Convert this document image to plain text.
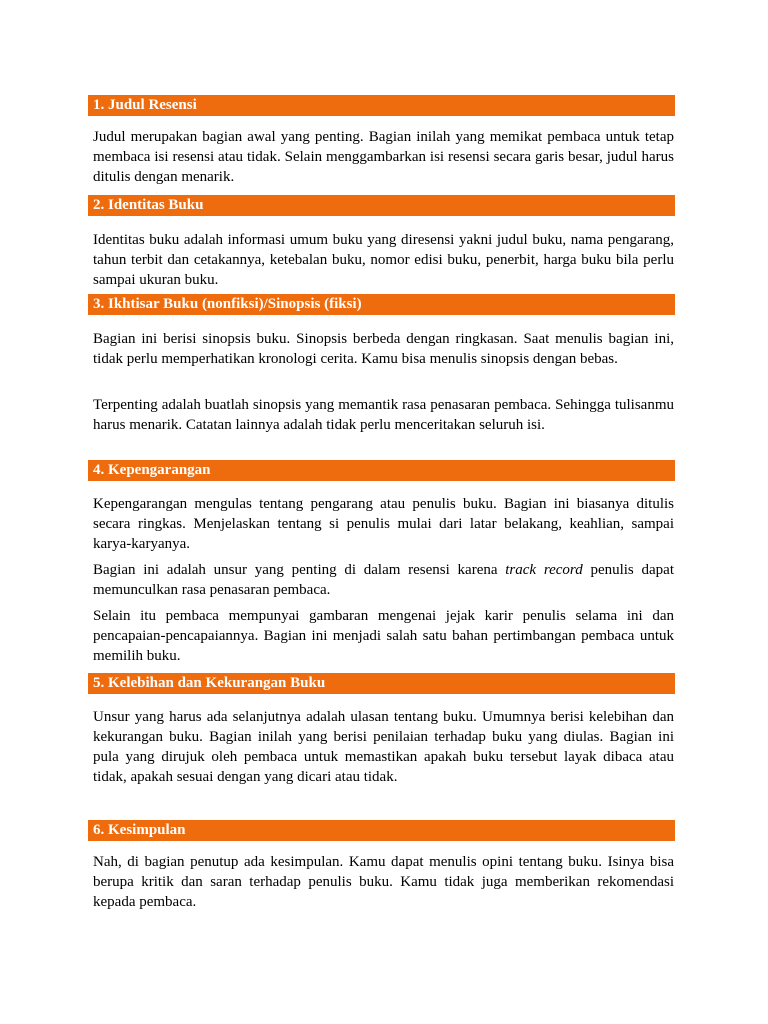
1. Judul Resensi

Judul merupakan bagian awal yang penting. Bagian inilah yang memikat pembaca untuk tetap membaca isi resensi atau tidak. Selain menggambarkan isi resensi secara garis besar, judul harus ditulis dengan menarik.

2. Identitas Buku

Identitas buku adalah informasi umum buku yang diresensi yakni judul buku, nama pengarang, tahun terbit dan cetakannya, ketebalan buku, nomor edisi buku, penerbit, harga buku bila perlu sampai ukuran buku.

3. Ikhtisar Buku (nonfiksi)/Sinopsis (fiksi)

Bagian ini berisi sinopsis buku. Sinopsis berbeda dengan ringkasan. Saat menulis bagian ini, tidak perlu memperhatikan kronologi cerita. Kamu bisa menulis sinopsis dengan bebas.

Terpenting adalah buatlah sinopsis yang memantik rasa penasaran pembaca. Sehingga tulisanmu harus menarik. Catatan lainnya adalah tidak perlu menceritakan seluruh isi.

4. Kepengarangan

Kepengarangan mengulas tentang pengarang atau penulis buku. Bagian ini biasanya ditulis secara ringkas. Menjelaskan tentang si penulis mulai dari latar belakang, keahlian, sampai karya-karyanya.

Bagian ini adalah unsur yang penting di dalam resensi karena track record penulis dapat memunculkan rasa penasaran pembaca.

Selain itu pembaca mempunyai gambaran mengenai jejak karir penulis selama ini dan pencapaian-pencapaiannya. Bagian ini menjadi salah satu bahan pertimbangan pembaca untuk memilih buku.

5. Kelebihan dan Kekurangan Buku

Unsur yang harus ada selanjutnya adalah ulasan tentang buku. Umumnya berisi kelebihan dan kekurangan buku. Bagian inilah yang berisi penilaian terhadap buku yang diulas. Bagian ini pula yang dirujuk oleh pembaca untuk memastikan apakah buku tersebut layak dibaca atau tidak, apakah sesuai dengan yang dicari atau tidak.

6. Kesimpulan

Nah, di bagian penutup ada kesimpulan. Kamu dapat menulis opini tentang buku. Isinya bisa berupa kritik dan saran terhadap penulis buku. Kamu tidak juga memberikan rekomendasi kepada pembaca.
